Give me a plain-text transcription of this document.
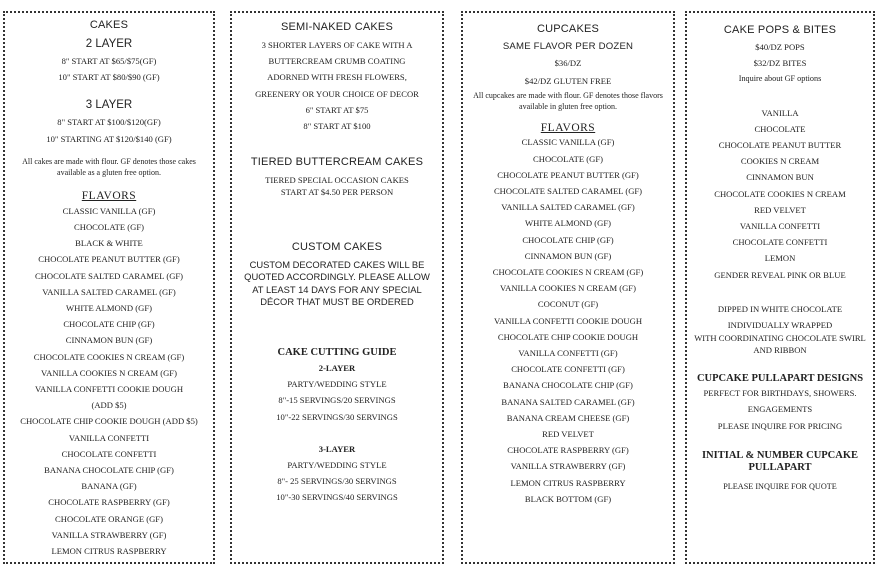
CAKES
2 LAYER
8" START AT $65/$75(GF)
10" START AT $80/$90 (GF)
3 LAYER
8" START AT $100/$120(GF)
10" STARTING AT $120/$140 (GF)
All cakes are made with flour. GF denotes those cakes available as a gluten free option.
FLAVORS
CLASSIC VANILLA (GF)
CHOCOLATE (GF)
BLACK & WHITE
CHOCOLATE PEANUT BUTTER (GF)
CHOCOLATE SALTED CARAMEL (GF)
VANILLA SALTED CARAMEL (GF)
WHITE ALMOND (GF)
CHOCOLATE CHIP (GF)
CINNAMON BUN (GF)
CHOCOLATE COOKIES N CREAM (GF)
VANILLA COOKIES N CREAM (GF)
VANILLA CONFETTI COOKIE DOUGH
(ADD $5)
CHOCOLATE CHIP COOKIE DOUGH (ADD $5)
VANILLA CONFETTI
CHOCOLATE CONFETTI
BANANA CHOCOLATE CHIP (GF)
BANANA (GF)
CHOCOLATE RASPBERRY (GF)
CHOCOLATE ORANGE (GF)
VANILLA STRAWBERRY (GF)
LEMON CITRUS RASPBERRY
SEMI-NAKED CAKES
3 SHORTER LAYERS OF CAKE WITH A
BUTTERCREAM CRUMB COATING
ADORNED WITH FRESH FLOWERS,
GREENERY OR YOUR CHOICE OF DECOR
6" START AT $75
8" START AT $100
TIERED BUTTERCREAM CAKES
TIERED SPECIAL OCCASION CAKES START AT $4.50 PER PERSON
CUSTOM CAKES
CUSTOM DECORATED CAKES WILL BE QUOTED ACCORDINGLY. PLEASE ALLOW AT LEAST 14 DAYS FOR ANY SPECIAL DÉCOR THAT MUST BE ORDERED
CAKE CUTTING GUIDE
2-LAYER
PARTY/WEDDING STYLE
8"-15 SERVINGS/20 SERVINGS
10"-22 SERVINGS/30 SERVINGS
3-LAYER
PARTY/WEDDING STYLE
8"- 25 SERVINGS/30 SERVINGS
10"-30 SERVINGS/40 SERVINGS
CUPCAKES
SAME FLAVOR PER DOZEN
$36/DZ
$42/DZ GLUTEN FREE
All cupcakes are made with flour. GF denotes those flavors available in gluten free option.
FLAVORS
CLASSIC VANILLA (GF)
CHOCOLATE (GF)
CHOCOLATE PEANUT BUTTER (GF)
CHOCOLATE SALTED CARAMEL (GF)
VANILLA SALTED CARAMEL (GF)
WHITE ALMOND (GF)
CHOCOLATE CHIP (GF)
CINNAMON BUN (GF)
CHOCOLATE COOKIES N CREAM (GF)
VANILLA COOKIES N CREAM (GF)
COCONUT (GF)
VANILLA CONFETTI COOKIE DOUGH
CHOCOLATE CHIP COOKIE DOUGH
VANILLA CONFETTI (GF)
CHOCOLATE CONFETTI (GF)
BANANA CHOCOLATE CHIP (GF)
BANANA SALTED CARAMEL (GF)
BANANA CREAM CHEESE (GF)
RED VELVET
CHOCOLATE RASPBERRY (GF)
VANILLA STRAWBERRY (GF)
LEMON CITRUS RASPBERRY
BLACK BOTTOM (GF)
CAKE POPS & BITES
$40/DZ POPS
$32/DZ BITES
Inquire about GF options
VANILLA
CHOCOLATE
CHOCOLATE PEANUT BUTTER
COOKIES N CREAM
CINNAMON BUN
CHOCOLATE COOKIES N CREAM
RED VELVET
VANILLA CONFETTI
CHOCOLATE CONFETTI
LEMON
GENDER REVEAL PINK OR BLUE
DIPPED IN WHITE CHOCOLATE
INDIVIDUALLY WRAPPED
WITH COORDINATING CHOCOLATE SWIRL AND RIBBON
CUPCAKE PULLAPART DESIGNS
PERFECT FOR BIRTHDAYS, SHOWERS.
ENGAGEMENTS
PLEASE INQUIRE FOR PRICING
INITIAL & NUMBER CUPCAKE PULLAPART
PLEASE INQUIRE FOR QUOTE
